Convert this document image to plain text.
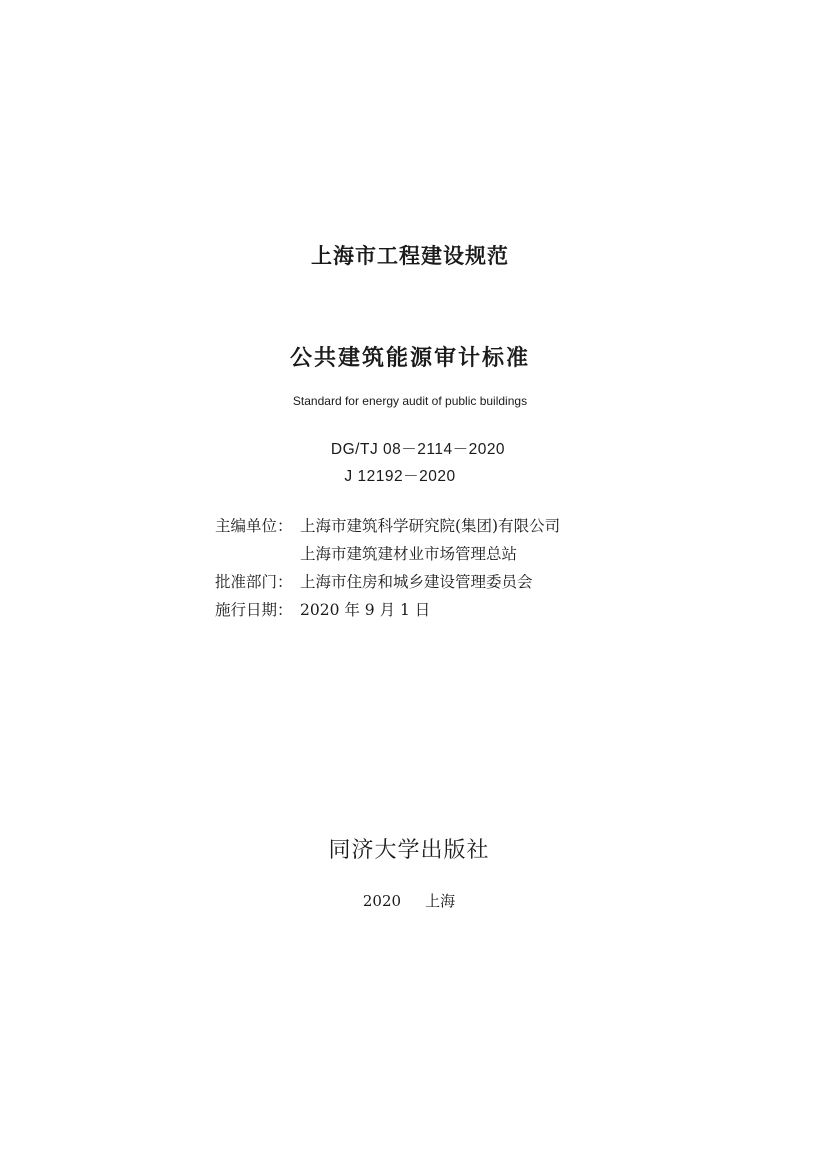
上海市工程建设规范
公共建筑能源审计标准
Standard for energy audit of public buildings
DG/TJ 08－2114－2020
J 12192－2020
主编单位： 上海市建筑科学研究院(集团)有限公司
上海市建筑建材业市场管理总站
批准部门： 上海市住房和城乡建设管理委员会
施行日期： 2020 年 9 月 1 日
同济大学出版社
2020 上海
